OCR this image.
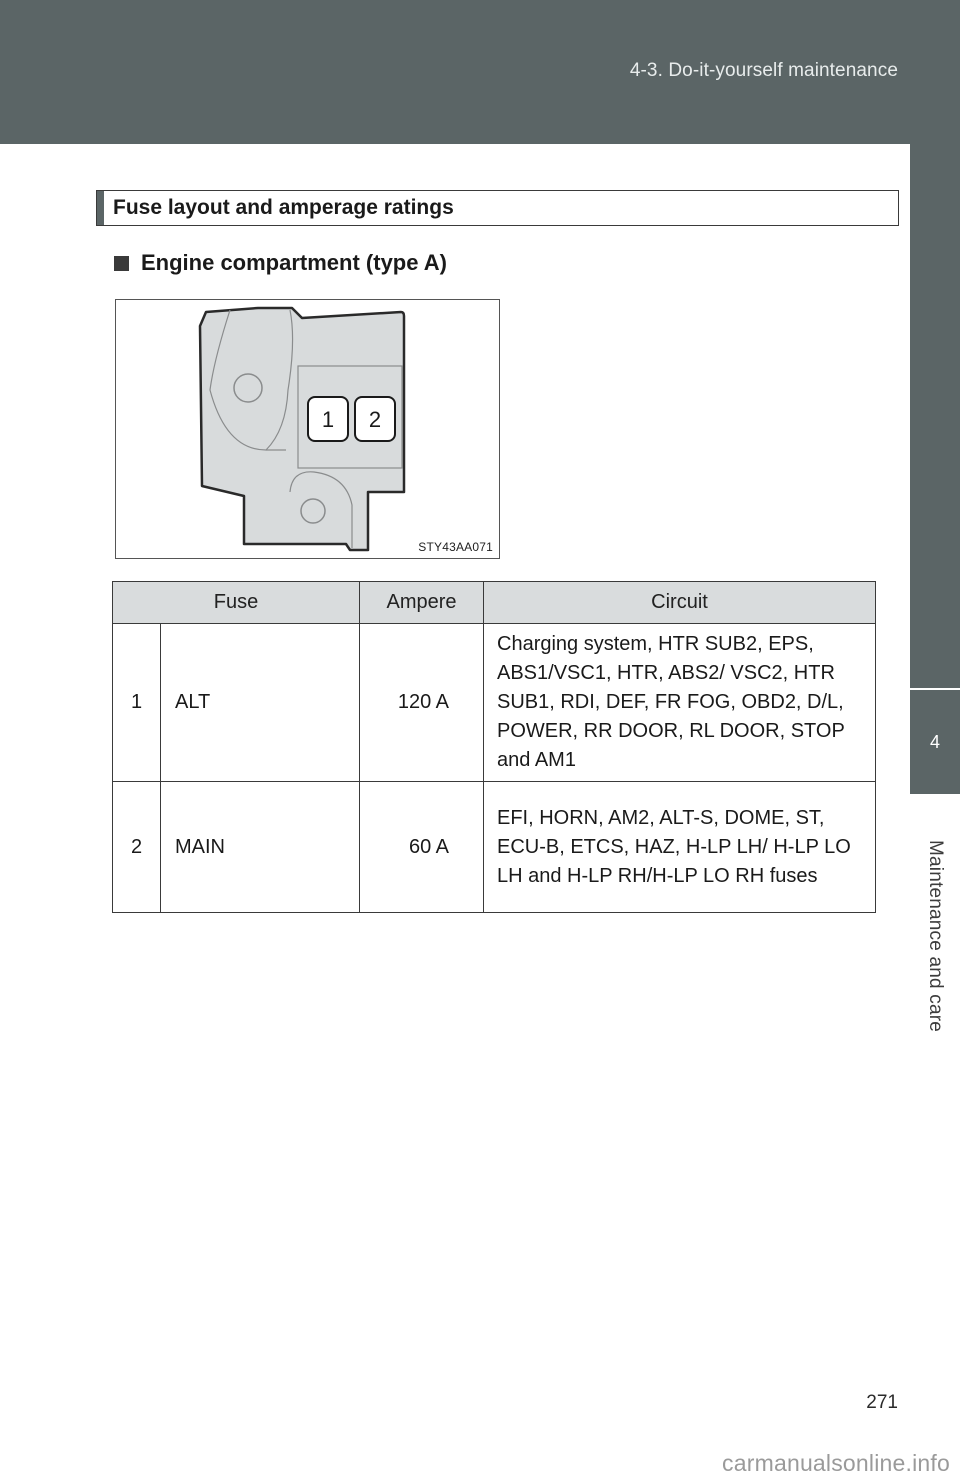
4-3. Do-it-yourself maintenance
4
Maintenance and care
Fuse layout and amperage ratings
Engine compartment (type A)
1 2
STY43AA071
Fuse		Ampere	Circuit
1	ALT	120 A	Charging system, HTR SUB2, EPS, ABS1/VSC1, HTR, ABS2/ VSC2, HTR SUB1, RDI, DEF, FR FOG, OBD2, D/L, POWER, RR DOOR, RL DOOR, STOP and AM1
2	MAIN	60 A	EFI, HORN, AM2, ALT-S, DOME, ST, ECU-B, ETCS, HAZ, H-LP LH/ H-LP LO LH and H-LP RH/H-LP LO RH fuses
271
carmanualsonline.info
